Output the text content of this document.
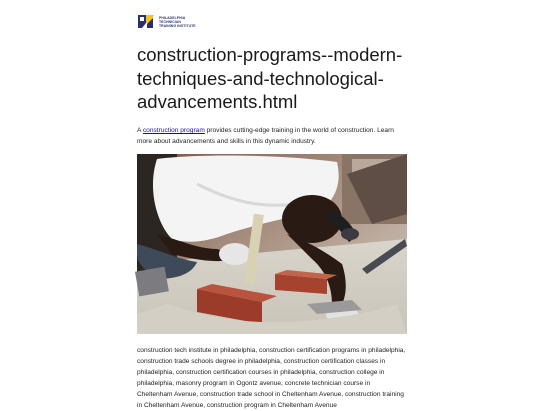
PHILADELPHIA
TECHNICIAN
TRAINING INSTITUTE
construction-programs--modern-techniques-and-technological-advancements.html

A construction program provides cutting-edge training in the world of construction. Learn more about advancements and skills in this dynamic industry.

construction tech institute in philadelphia, construction certification programs in philadelphia, construction trade schools degree in philadelphia, construction certification classes in philadelphia, construction certification courses in philadelphia, construction college in philadelphia, masonry program in Ogontz avenue, concrete technician course in Cheltenham Avenue, construction trade school in Cheltenham Avenue, construction training in Cheltenham Avenue, construction program in Cheltenham Avenue
